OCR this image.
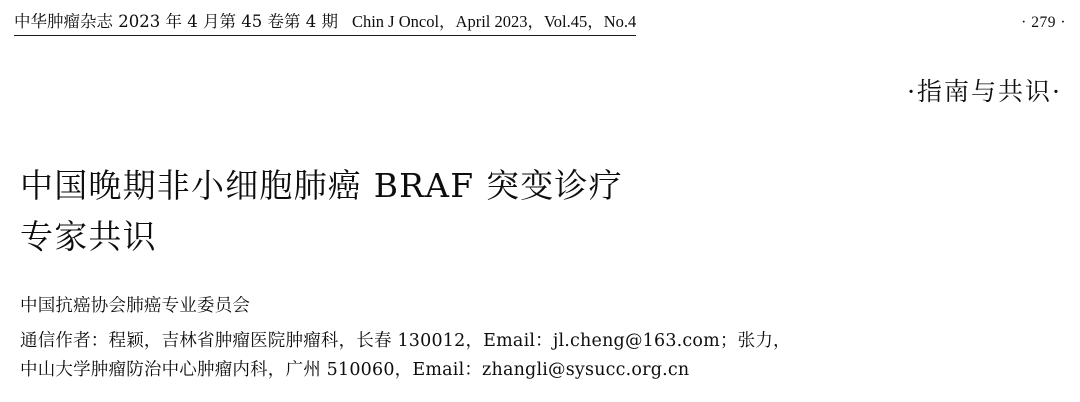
中华肿瘤杂志 2023 年 4 月第 45 卷第 4 期 Chin J Oncol，April 2023，Vol.45，No.4	· 279 ·
·指南与共识·
中国晚期非小细胞肺癌 BRAF 突变诊疗
专家共识
中国抗癌协会肺癌专业委员会
通信作者：程颖，吉林省肿瘤医院肿瘤科，长春 130012，Email：jl.cheng@163.com；张力，
中山大学肿瘤防治中心肿瘤内科，广州 510060，Email：zhangli@sysucc.org.cn
